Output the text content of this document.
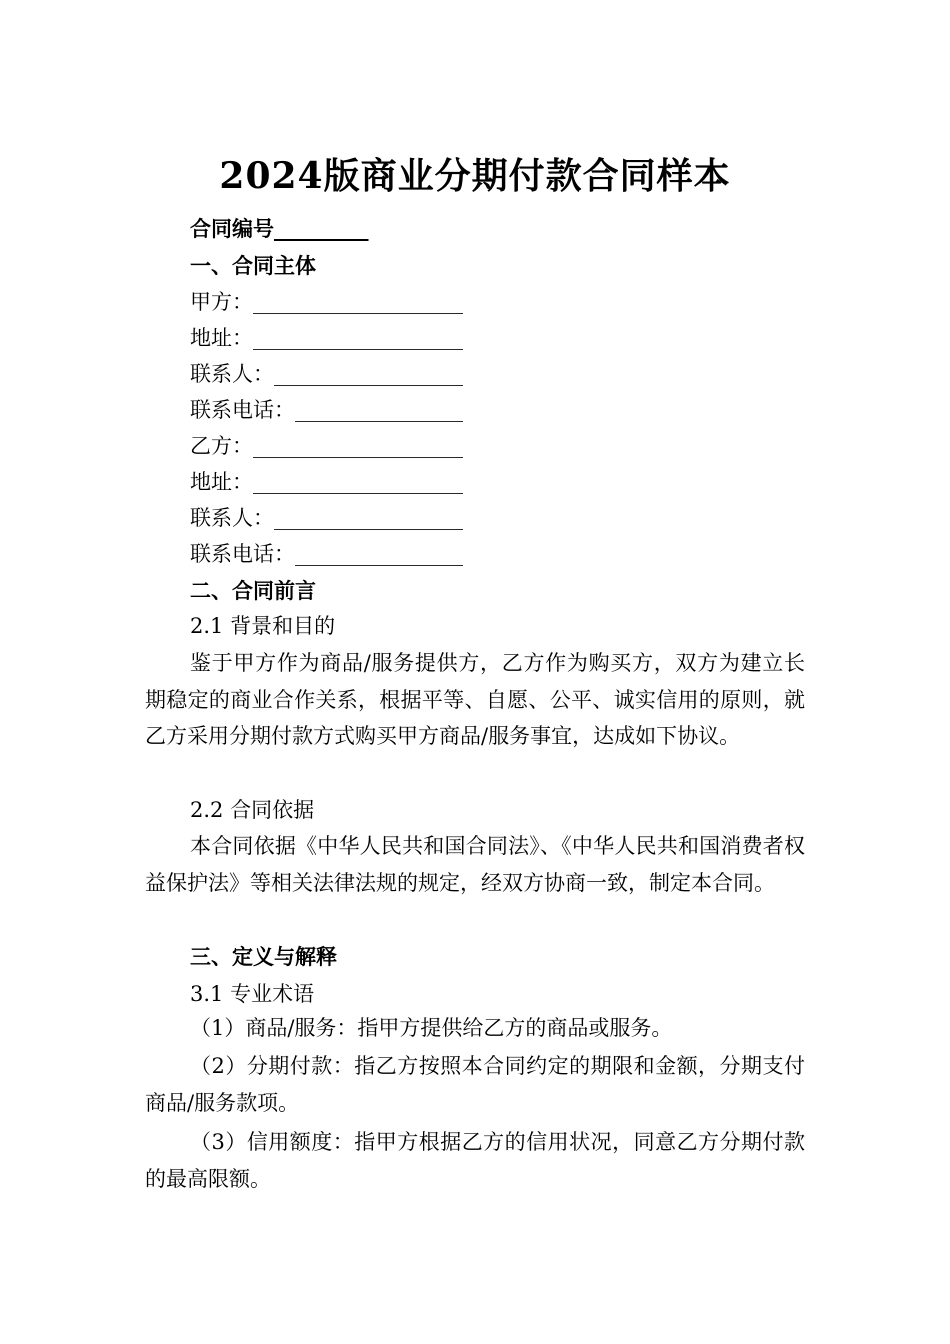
2024版商业分期付款合同样本
合同编号_________
一、合同主体
甲方：____________________
地址：____________________
联系人：__________________
联系电话：________________
乙方：____________________
地址：____________________
联系人：__________________
联系电话：________________
二、合同前言
2.1 背景和目的
鉴于甲方作为商品/服务提供方，乙方作为购买方，双方为建立长期稳定的商业合作关系，根据平等、自愿、公平、诚实信用的原则，就乙方采用分期付款方式购买甲方商品/服务事宜，达成如下协议。
2.2 合同依据
本合同依据《中华人民共和国合同法》、《中华人民共和国消费者权益保护法》等相关法律法规的规定，经双方协商一致，制定本合同。
三、定义与解释
3.1 专业术语
（1）商品/服务：指甲方提供给乙方的商品或服务。
（2）分期付款：指乙方按照本合同约定的期限和金额，分期支付商品/服务款项。
（3）信用额度：指甲方根据乙方的信用状况，同意乙方分期付款的最高限额。
